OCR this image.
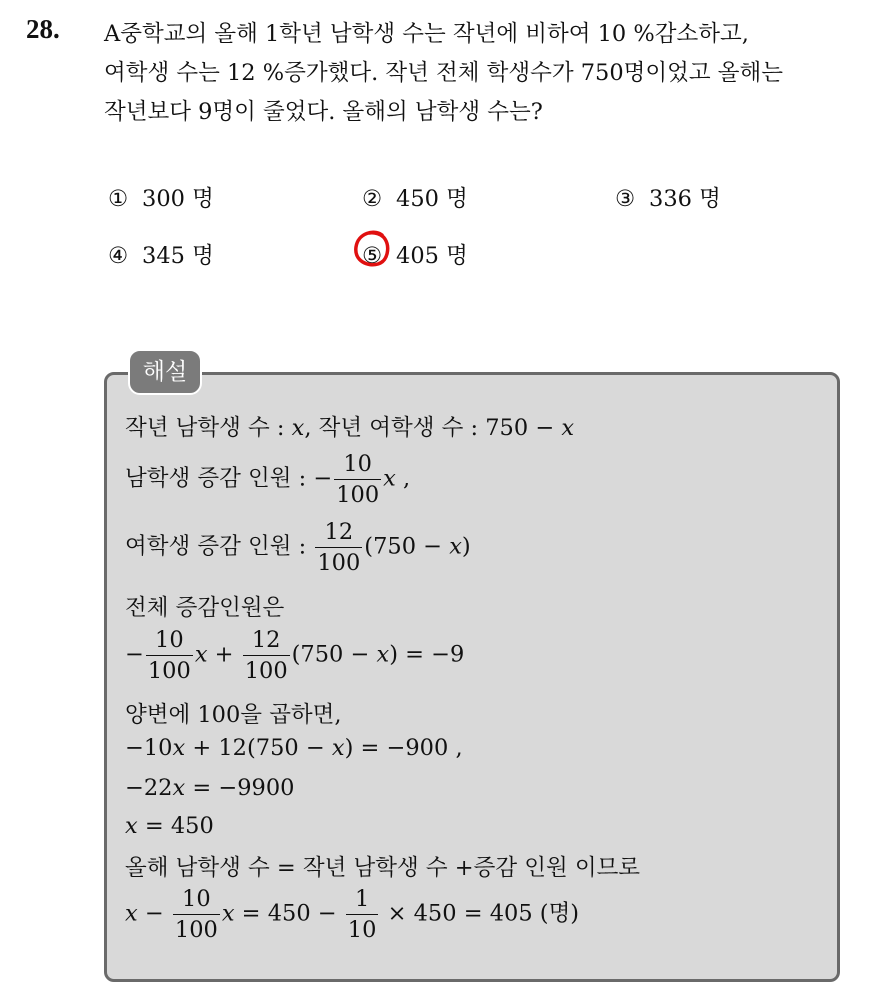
28. A중학교의 올해 1학년 남학생 수는 작년에 비하여 10 %감소하고,
여학생 수는 12 %증가했다. 작년 전체 학생수가 750명이었고 올해는
작년보다 9명이 줄었다. 올해의 남학생 수는?
① 300 명	② 450 명	③ 336 명
④ 345 명	⑤ 405 명
해설
작년 남학생 수 : x, 작년 여학생 수 : 750 − x
남학생 증감 인원 : − $\frac{10}{100}$ x ,
여학생 증감 인원 : $\frac{12}{100} (750 - x)$
전체 증감인원은
− $\frac{10}{100}$ $x + \frac{12}{100} (750 - x) = -9$
양변에 100을 곱하면,
−10x + 12(750 − x) = −900 ,
−22x = −9900
x = 450
올해 남학생 수 = 작년 남학생 수 +증감 인원 이므로
$x - \frac{10}{100}$ $x = 450 - \frac{1}{10} \times 450 = 405$ (명)
